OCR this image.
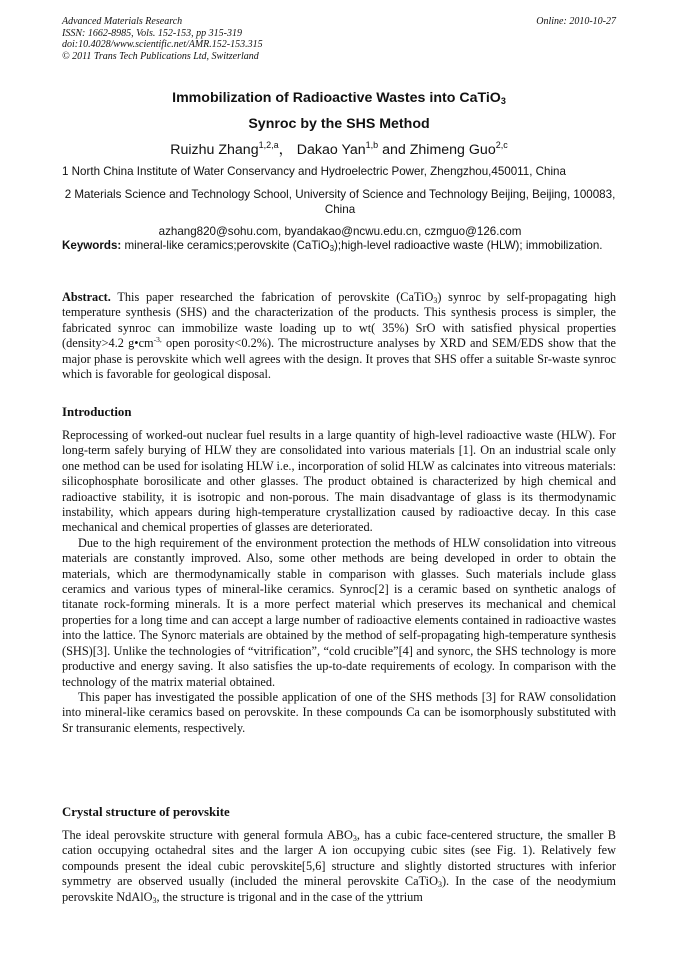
Advanced Materials Research
ISSN: 1662-8985, Vols. 152-153, pp 315-319
doi:10.4028/www.scientific.net/AMR.152-153.315
© 2011 Trans Tech Publications Ltd, Switzerland
Online: 2010-10-27
Immobilization of Radioactive Wastes into CaTiO$_3$
Synroc by the SHS Method
Ruizhu Zhang$^{1,2,a}$， Dakao Yan$^{1,b}$ and Zhimeng Guo$^{2,c}$
1 North China Institute of Water Conservancy and Hydroelectric Power, Zhengzhou,450011, China
2 Materials Science and Technology School, University of Science and Technology Beijing, Beijing, 100083, China
azhang820@sohu.com, byandakao@ncwu.edu.cn, czmguo@126.com
Keywords: mineral-like ceramics;perovskite (CaTiO$_3$);high-level radioactive waste (HLW); immobilization.

Abstract. This paper researched the fabrication of perovskite (CaTiO$_3$) synroc by self-propagating high temperature synthesis (SHS) and the characterization of the products. This synthesis process is simpler, the fabricated synroc can immobilize waste loading up to wt( 35%) SrO with satisfied physical properties (density>4.2 $g•cm^{-3,}$ open porosity<0.2%). The microstructure analyses by XRD and SEM/EDS show that the major phase is perovskite which well agrees with the design. It proves that SHS offer a suitable Sr-waste synroc which is favorable for geological disposal.

Introduction

Reprocessing of worked-out nuclear fuel results in a large quantity of high-level radioactive waste (HLW). For long-term safely burying of HLW they are consolidated into various materials [1]. On an industrial scale only one method can be used for isolating HLW i.e., incorporation of solid HLW as calcinates into vitreous materials: silicophosphate borosilicate and other glasses. The product obtained is characterized by high chemical and radioactive stability, it is isotropic and non-porous. The main disadvantage of glass is its thermodynamic instability, which appears during high-temperature crystallization caused by radioactive decay. In this case mechanical and chemical properties of glasses are deteriorated.

Due to the high requirement of the environment protection the methods of HLW consolidation into vitreous materials are constantly improved. Also, some other methods are being developed in order to obtain the materials, which are thermodynamically stable in comparison with glasses. Such materials include glass ceramics and various types of mineral-like ceramics. Synroc[2] is a ceramic based on synthetic analogs of titanate rock-forming minerals. It is a more perfect material which preserves its mechanical and chemical properties for a long time and can accept a large number of radioactive elements contained in radioactive wastes into the lattice. The Synorc materials are obtained by the method of self-propagating high-temperature synthesis (SHS)[3]. Unlike the technologies of “vitrification”, “cold crucible”[4] and synorc, the SHS technology is more productive and energy saving. It also satisfies the up-to-date requirements of ecology. In comparison with the technology of the matrix material obtained.

This paper has investigated the possible application of one of the SHS methods [3] for RAW consolidation into mineral-like ceramics based on perovskite. In these compounds Ca can be isomorphously substituted with Sr transuranic elements, respectively.

Crystal structure of perovskite

The ideal perovskite structure with general formula $ABO_3$, has a cubic face-centered structure, the smaller B cation occupying octahedral sites and the larger A ion occupying cubic sites (see Fig. 1). Relatively few compounds present the ideal cubic perovskite[5,6] structure and slightly distorted structures with inferior symmetry are observed usually (included the mineral perovskite CaTiO$_3$). In the case of the neodymium perovskite NdAlO$_3$, the structure is trigonal and in the case of the yttrium
